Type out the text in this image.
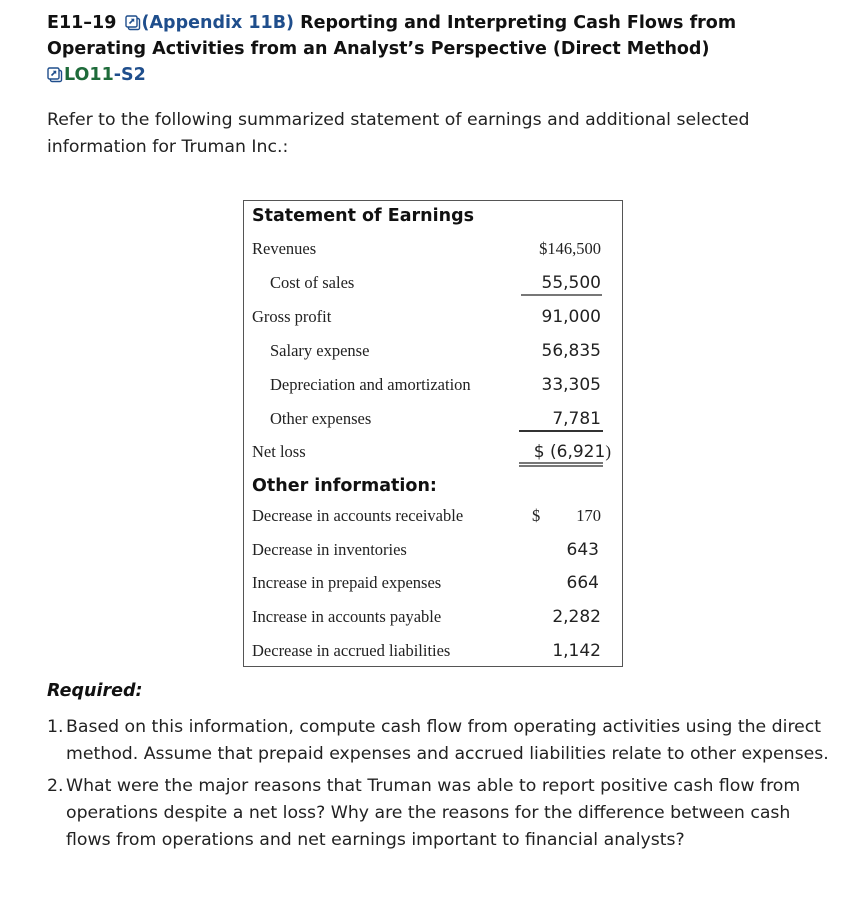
E11–19 (Appendix 11B) Reporting and Interpreting Cash Flows from Operating Activities from an Analyst’s Perspective (Direct Method)

LO11-S2
Refer to the following summarized statement of earnings and additional selected information for Truman Inc.:
Statement of Earnings
Revenues	$146,500
Cost of sales	55,500
Gross profit	91,000
Salary expense	56,835
Depreciation and amortization	33,305
Other expenses	7,781
Net loss	$ (6,921)
Other information:
Decrease in accounts receivable	$ 170
Decrease in inventories	643
Increase in prepaid expenses	664
Increase in accounts payable	2,282
Decrease in accrued liabilities	1,142
Required:
1. Based on this information, compute cash flow from operating activities using the direct method. Assume that prepaid expenses and accrued liabilities relate to other expenses.
2. What were the major reasons that Truman was able to report positive cash flow from operations despite a net loss? Why are the reasons for the difference between cash flows from operations and net earnings important to financial analysts?
